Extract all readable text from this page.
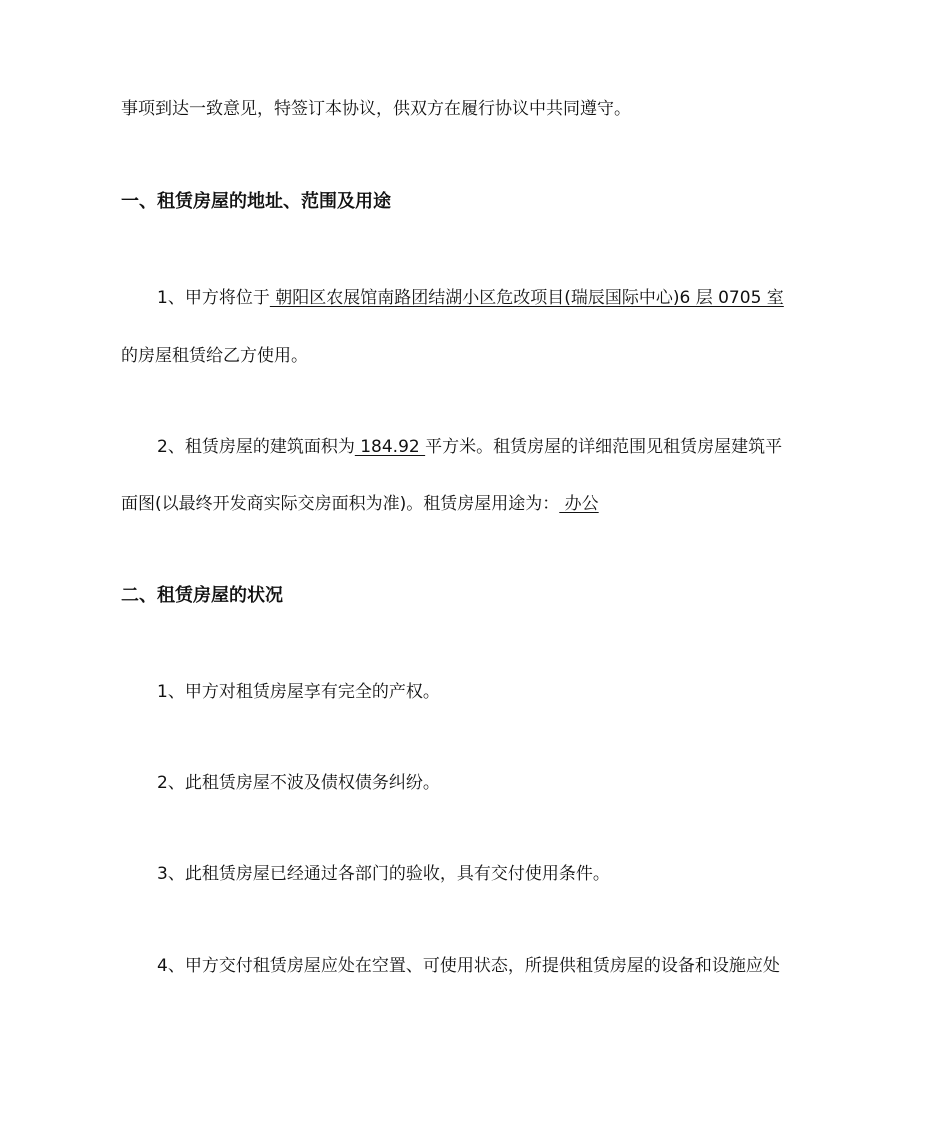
事项到达一致意见，特签订本协议，供双方在履行协议中共同遵守。
一、租赁房屋的地址、范围及用途
1、甲方将位于 朝阳区农展馆南路团结湖小区危改项目(瑞辰国际中心)6 层 0705 室
的房屋租赁给乙方使用。
2、租赁房屋的建筑面积为 184.92 平方米。租赁房屋的详细范围见租赁房屋建筑平
面图(以最终开发商实际交房面积为准)。租赁房屋用途为： 办公
二、租赁房屋的状况
1、甲方对租赁房屋享有完全的产权。
2、此租赁房屋不波及债权债务纠纷。
3、此租赁房屋已经通过各部门的验收，具有交付使用条件。
4、甲方交付租赁房屋应处在空置、可使用状态，所提供租赁房屋的设备和设施应处
